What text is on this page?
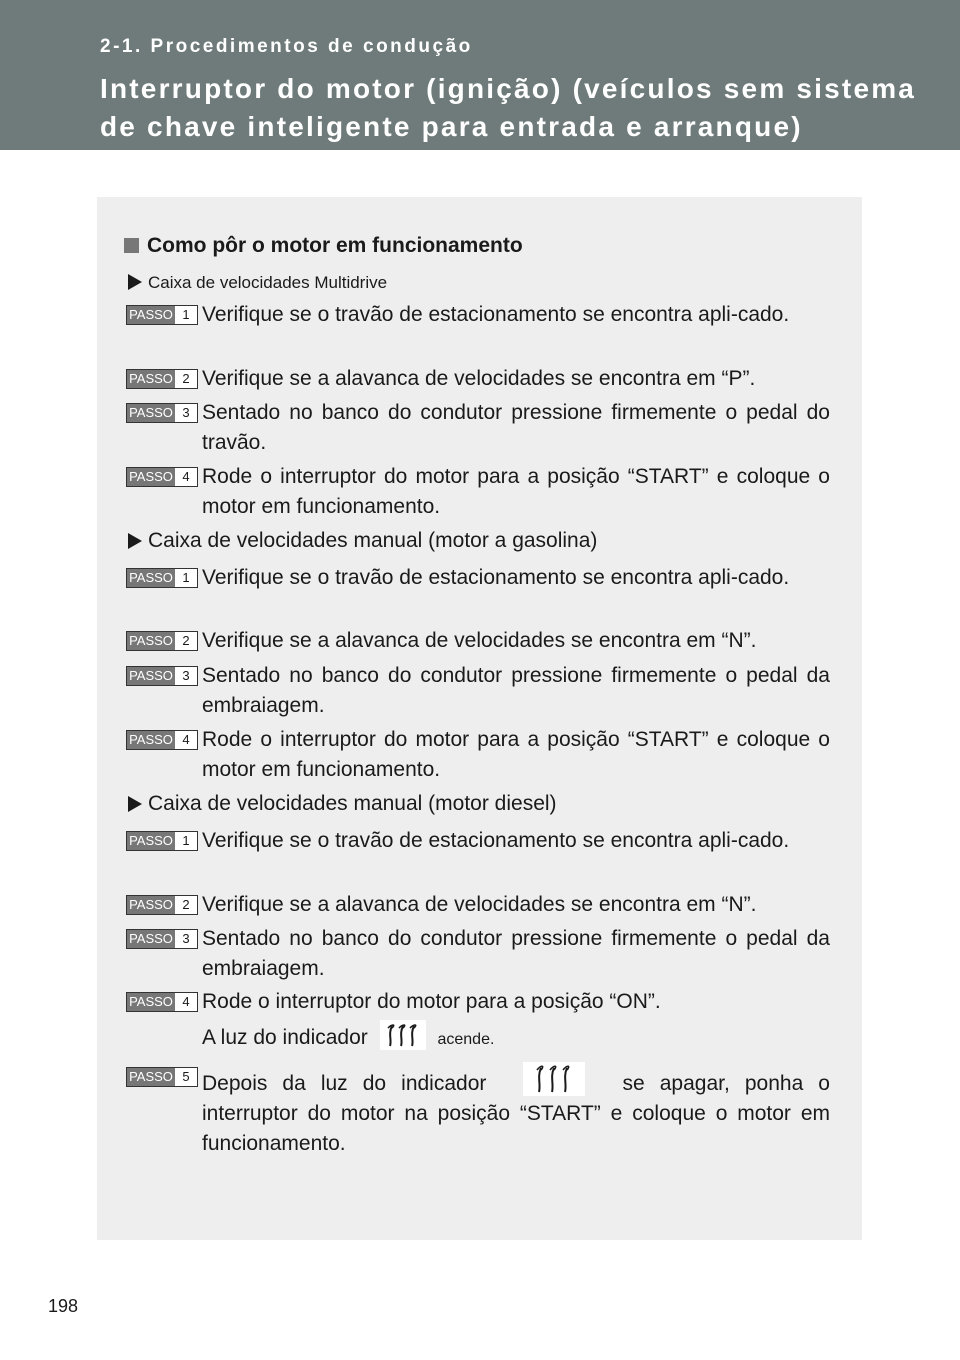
2-1. Procedimentos de condução
Interruptor do motor (ignição) (veículos sem sistema de chave inteligente para entrada e arranque)
Como pôr o motor em funcionamento
Caixa de velocidades Multidrive
PASSO 1 Verifique se o travão de estacionamento se encontra apli-cado.
PASSO 2 Verifique se a alavanca de velocidades se encontra em “P”.
PASSO 3 Sentado no banco do condutor pressione firmemente o pedal do travão.
PASSO 4 Rode o interruptor do motor para a posição “START” e coloque o motor em funcionamento.
Caixa de velocidades manual (motor a gasolina)
PASSO 1 Verifique se o travão de estacionamento se encontra apli-cado.
PASSO 2 Verifique se a alavanca de velocidades se encontra em “N”.
PASSO 3 Sentado no banco do condutor pressione firmemente o pedal da embraiagem.
PASSO 4 Rode o interruptor do motor para a posição “START” e coloque o motor em funcionamento.
Caixa de velocidades manual (motor diesel)
PASSO 1 Verifique se o travão de estacionamento se encontra apli-cado.
PASSO 2 Verifique se a alavanca de velocidades se encontra em “N”.
PASSO 3 Sentado no banco do condutor pressione firmemente o pedal da embraiagem.
PASSO 4 Rode o interruptor do motor para a posição “ON”.
A luz do indicador	acende.
PASSO 5 Depois da luz do indicador	se apagar, ponha o interruptor do motor na posição “START” e coloque o motor em funcionamento.
198
